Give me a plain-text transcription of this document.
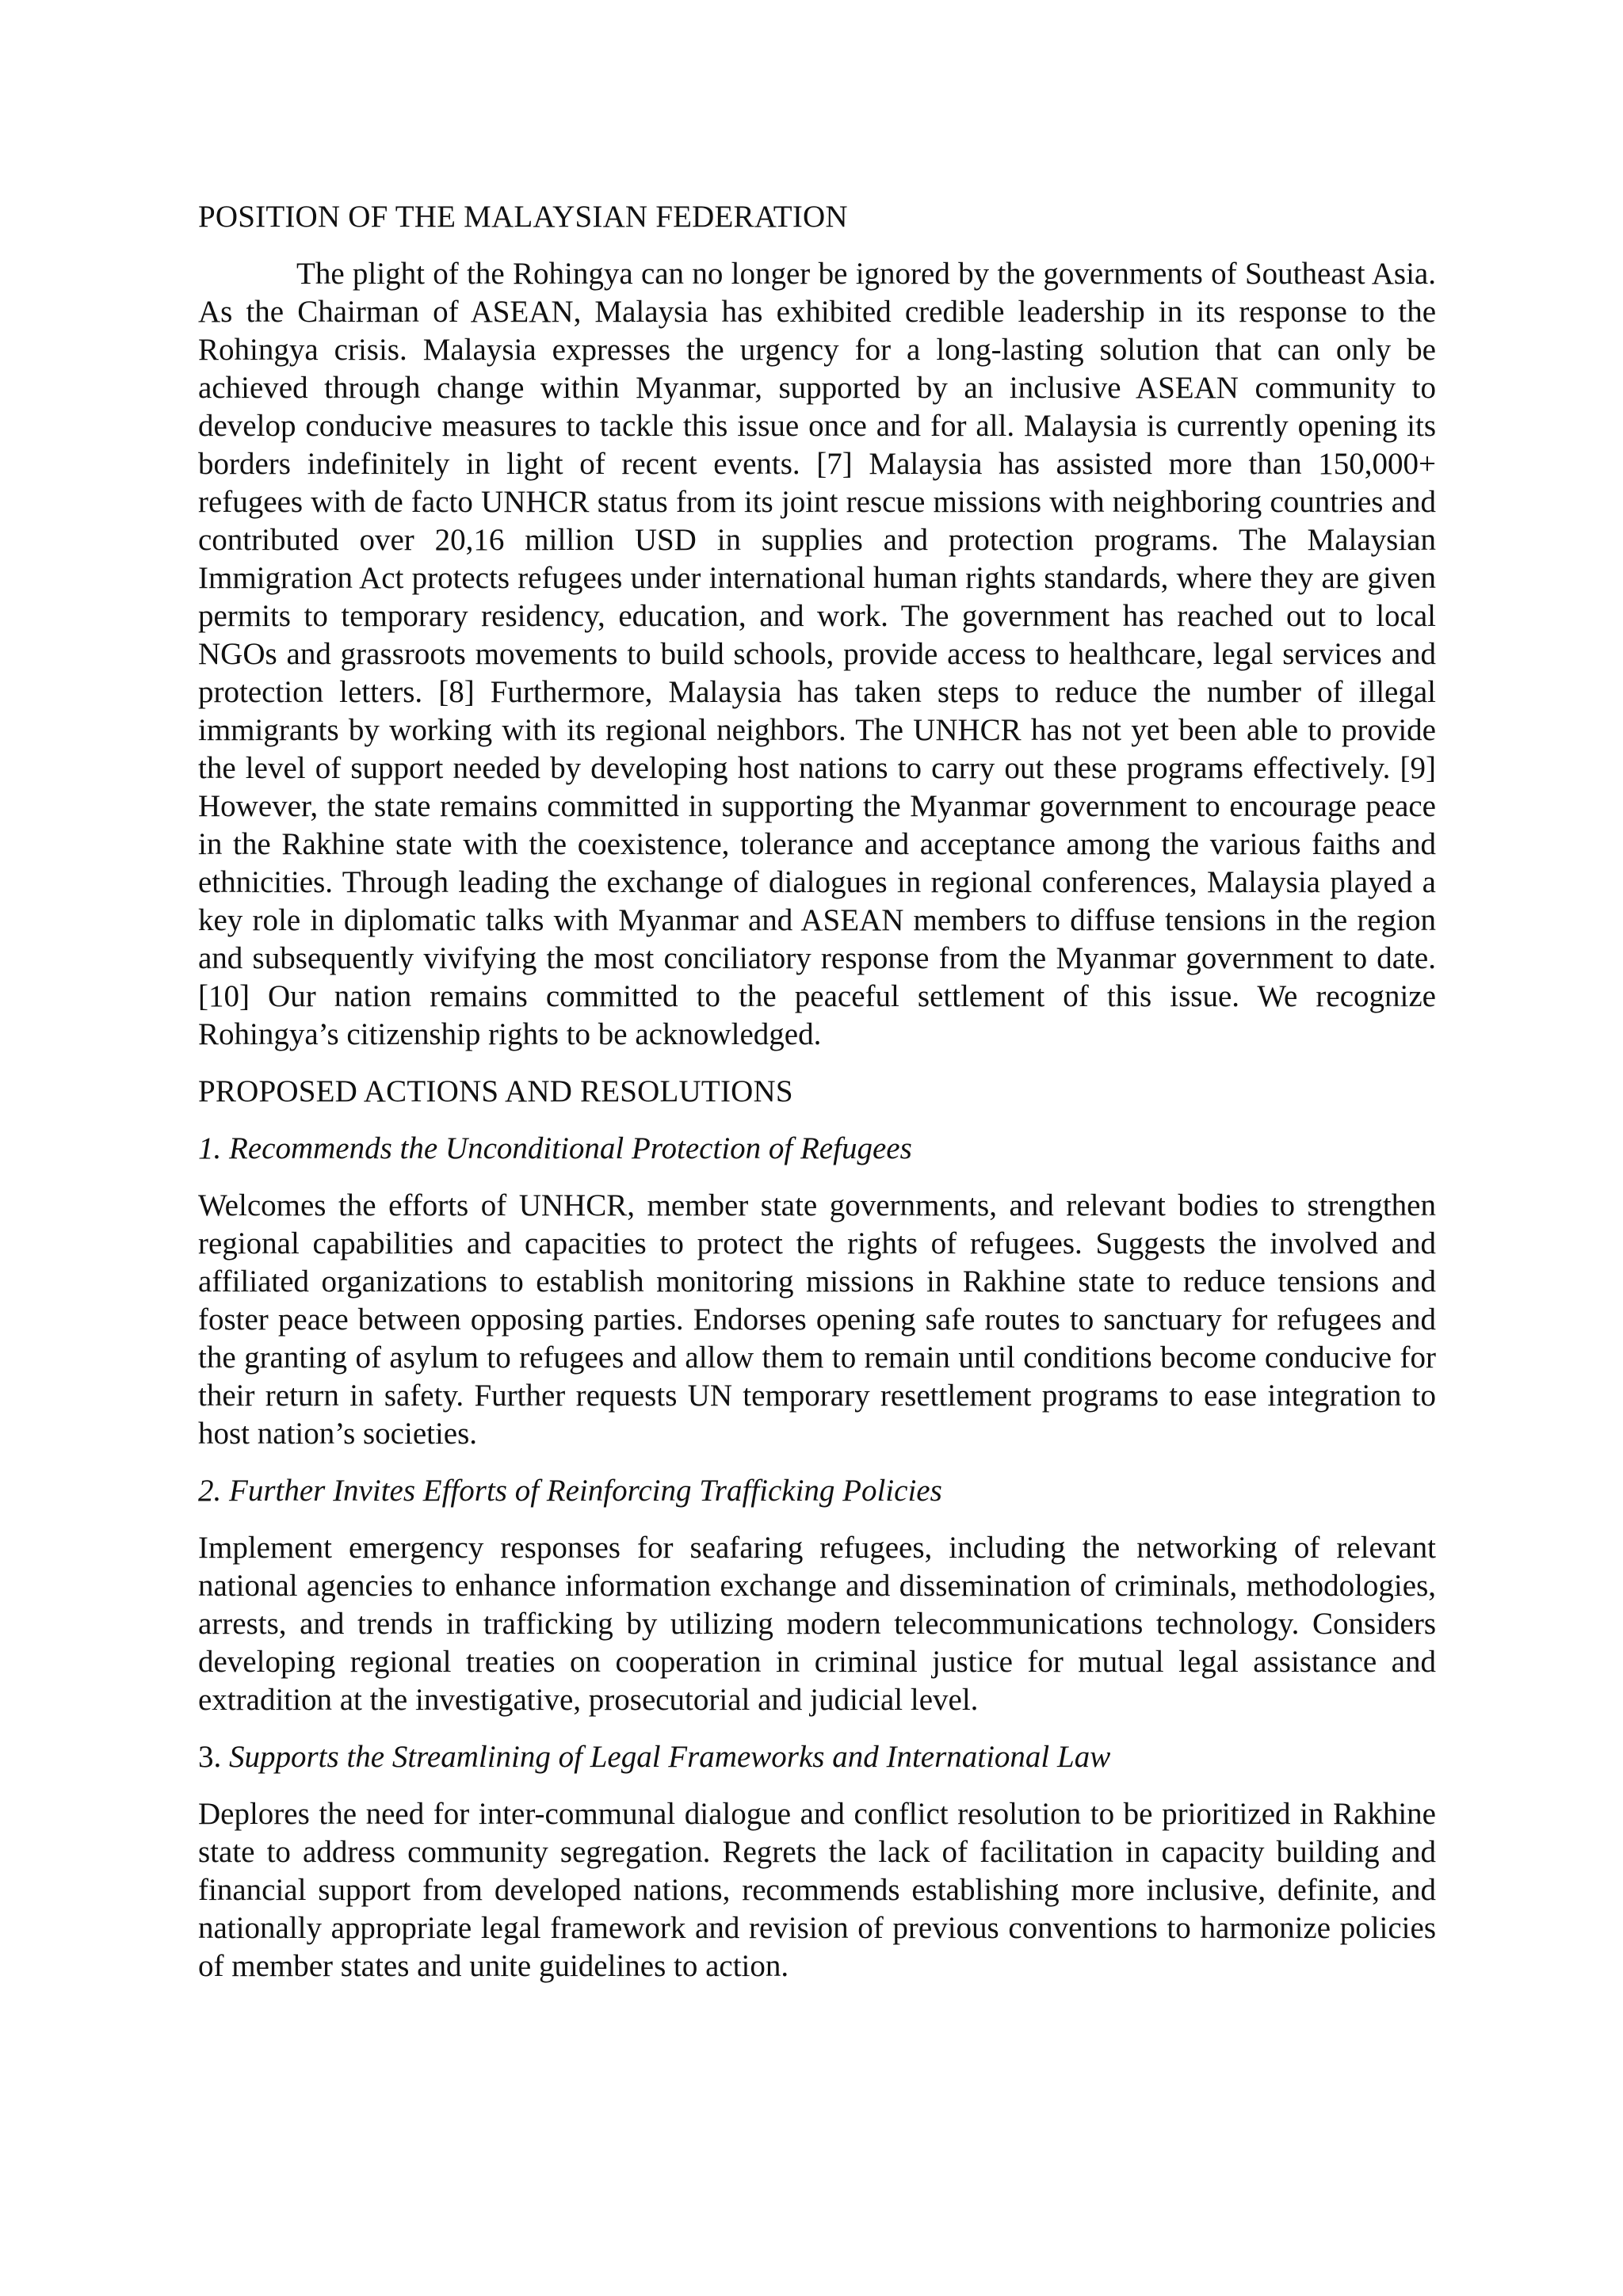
POSITION OF THE MALAYSIAN FEDERATION

The plight of the Rohingya can no longer be ignored by the governments of Southeast Asia. As the Chairman of ASEAN, Malaysia has exhibited credible leadership in its response to the Rohingya crisis. Malaysia expresses the urgency for a long-lasting solution that can only be achieved through change within Myanmar, supported by an inclusive ASEAN community to develop conducive measures to tackle this issue once and for all. Malaysia is currently opening its borders indefinitely in light of recent events. [7] Malaysia has assisted more than 150,000+ refugees with de facto UNHCR status from its joint rescue missions with neighboring countries and contributed over 20,16 million USD in supplies and protection programs. The Malaysian Immigration Act protects refugees under international human rights standards, where they are given permits to temporary residency, education, and work. The government has reached out to local NGOs and grassroots movements to build schools, provide access to healthcare, legal services and protection letters. [8] Furthermore, Malaysia has taken steps to reduce the number of illegal immigrants by working with its regional neighbors. The UNHCR has not yet been able to provide the level of support needed by developing host nations to carry out these programs effectively. [9] However, the state remains committed in supporting the Myanmar government to encourage peace in the Rakhine state with the coexistence, tolerance and acceptance among the various faiths and ethnicities. Through leading the exchange of dialogues in regional conferences, Malaysia played a key role in diplomatic talks with Myanmar and ASEAN members to diffuse tensions in the region and subsequently vivifying the most conciliatory response from the Myanmar government to date. [10] Our nation remains committed to the peaceful settlement of this issue. We recognize Rohingya’s citizenship rights to be acknowledged.

PROPOSED ACTIONS AND RESOLUTIONS
1. Recommends the Unconditional Protection of Refugees

Welcomes the efforts of UNHCR, member state governments, and relevant bodies to strengthen regional capabilities and capacities to protect the rights of refugees. Suggests the involved and affiliated organizations to establish monitoring missions in Rakhine state to reduce tensions and foster peace between opposing parties. Endorses opening safe routes to sanctuary for refugees and the granting of asylum to refugees and allow them to remain until conditions become conducive for their return in safety. Further requests UN temporary resettlement programs to ease integration to host nation’s societies.

2. Further Invites Efforts of Reinforcing Trafficking Policies

Implement emergency responses for seafaring refugees, including the networking of relevant national agencies to enhance information exchange and dissemination of criminals, methodologies, arrests, and trends in trafficking by utilizing modern telecommunications technology. Considers developing regional treaties on cooperation in criminal justice for mutual legal assistance and extradition at the investigative, prosecutorial and judicial level.

3. Supports the Streamlining of Legal Frameworks and International Law

Deplores the need for inter-communal dialogue and conflict resolution to be prioritized in Rakhine state to address community segregation. Regrets the lack of facilitation in capacity building and financial support from developed nations, recommends establishing more inclusive, definite, and nationally appropriate legal framework and revision of previous conventions to harmonize policies of member states and unite guidelines to action.
